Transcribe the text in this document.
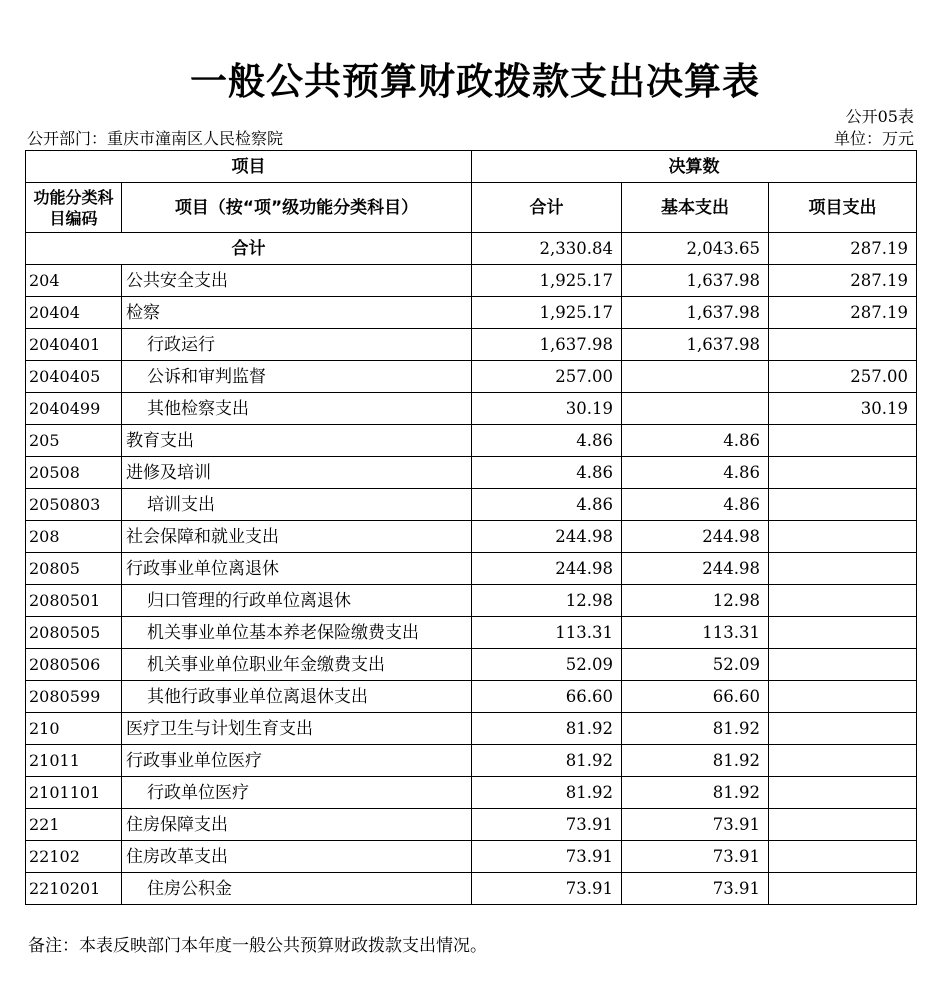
一般公共预算财政拨款支出决算表
公开05表
公开部门：重庆市潼南区人民检察院	单位：万元
项目		决算数		

功能分类科目编码	项目（按“项”级功能分类科目）	合计	基本支出	项目支出
合计		2,330.84	2,043.65	287.19
204	公共安全支出	1,925.17	1,637.98	287.19
20404	检察	1,925.17	1,637.98	287.19
2040401	行政运行	1,637.98	1,637.98	
2040405	公诉和审判监督	257.00		257.00
2040499	其他检察支出	30.19		30.19
205	教育支出	4.86	4.86	
20508	进修及培训	4.86	4.86	
2050803	培训支出	4.86	4.86	
208	社会保障和就业支出	244.98	244.98	
20805	行政事业单位离退休	244.98	244.98	
2080501	归口管理的行政单位离退休	12.98	12.98	
2080505	机关事业单位基本养老保险缴费支出	113.31	113.31	
2080506	机关事业单位职业年金缴费支出	52.09	52.09	
2080599	其他行政事业单位离退休支出	66.60	66.60	
210	医疗卫生与计划生育支出	81.92	81.92	
21011	行政事业单位医疗	81.92	81.92	
2101101	行政单位医疗	81.92	81.92	
221	住房保障支出	73.91	73.91	
22102	住房改革支出	73.91	73.91	
2210201	住房公积金	73.91	73.91	
备注：本表反映部门本年度一般公共预算财政拨款支出情况。
